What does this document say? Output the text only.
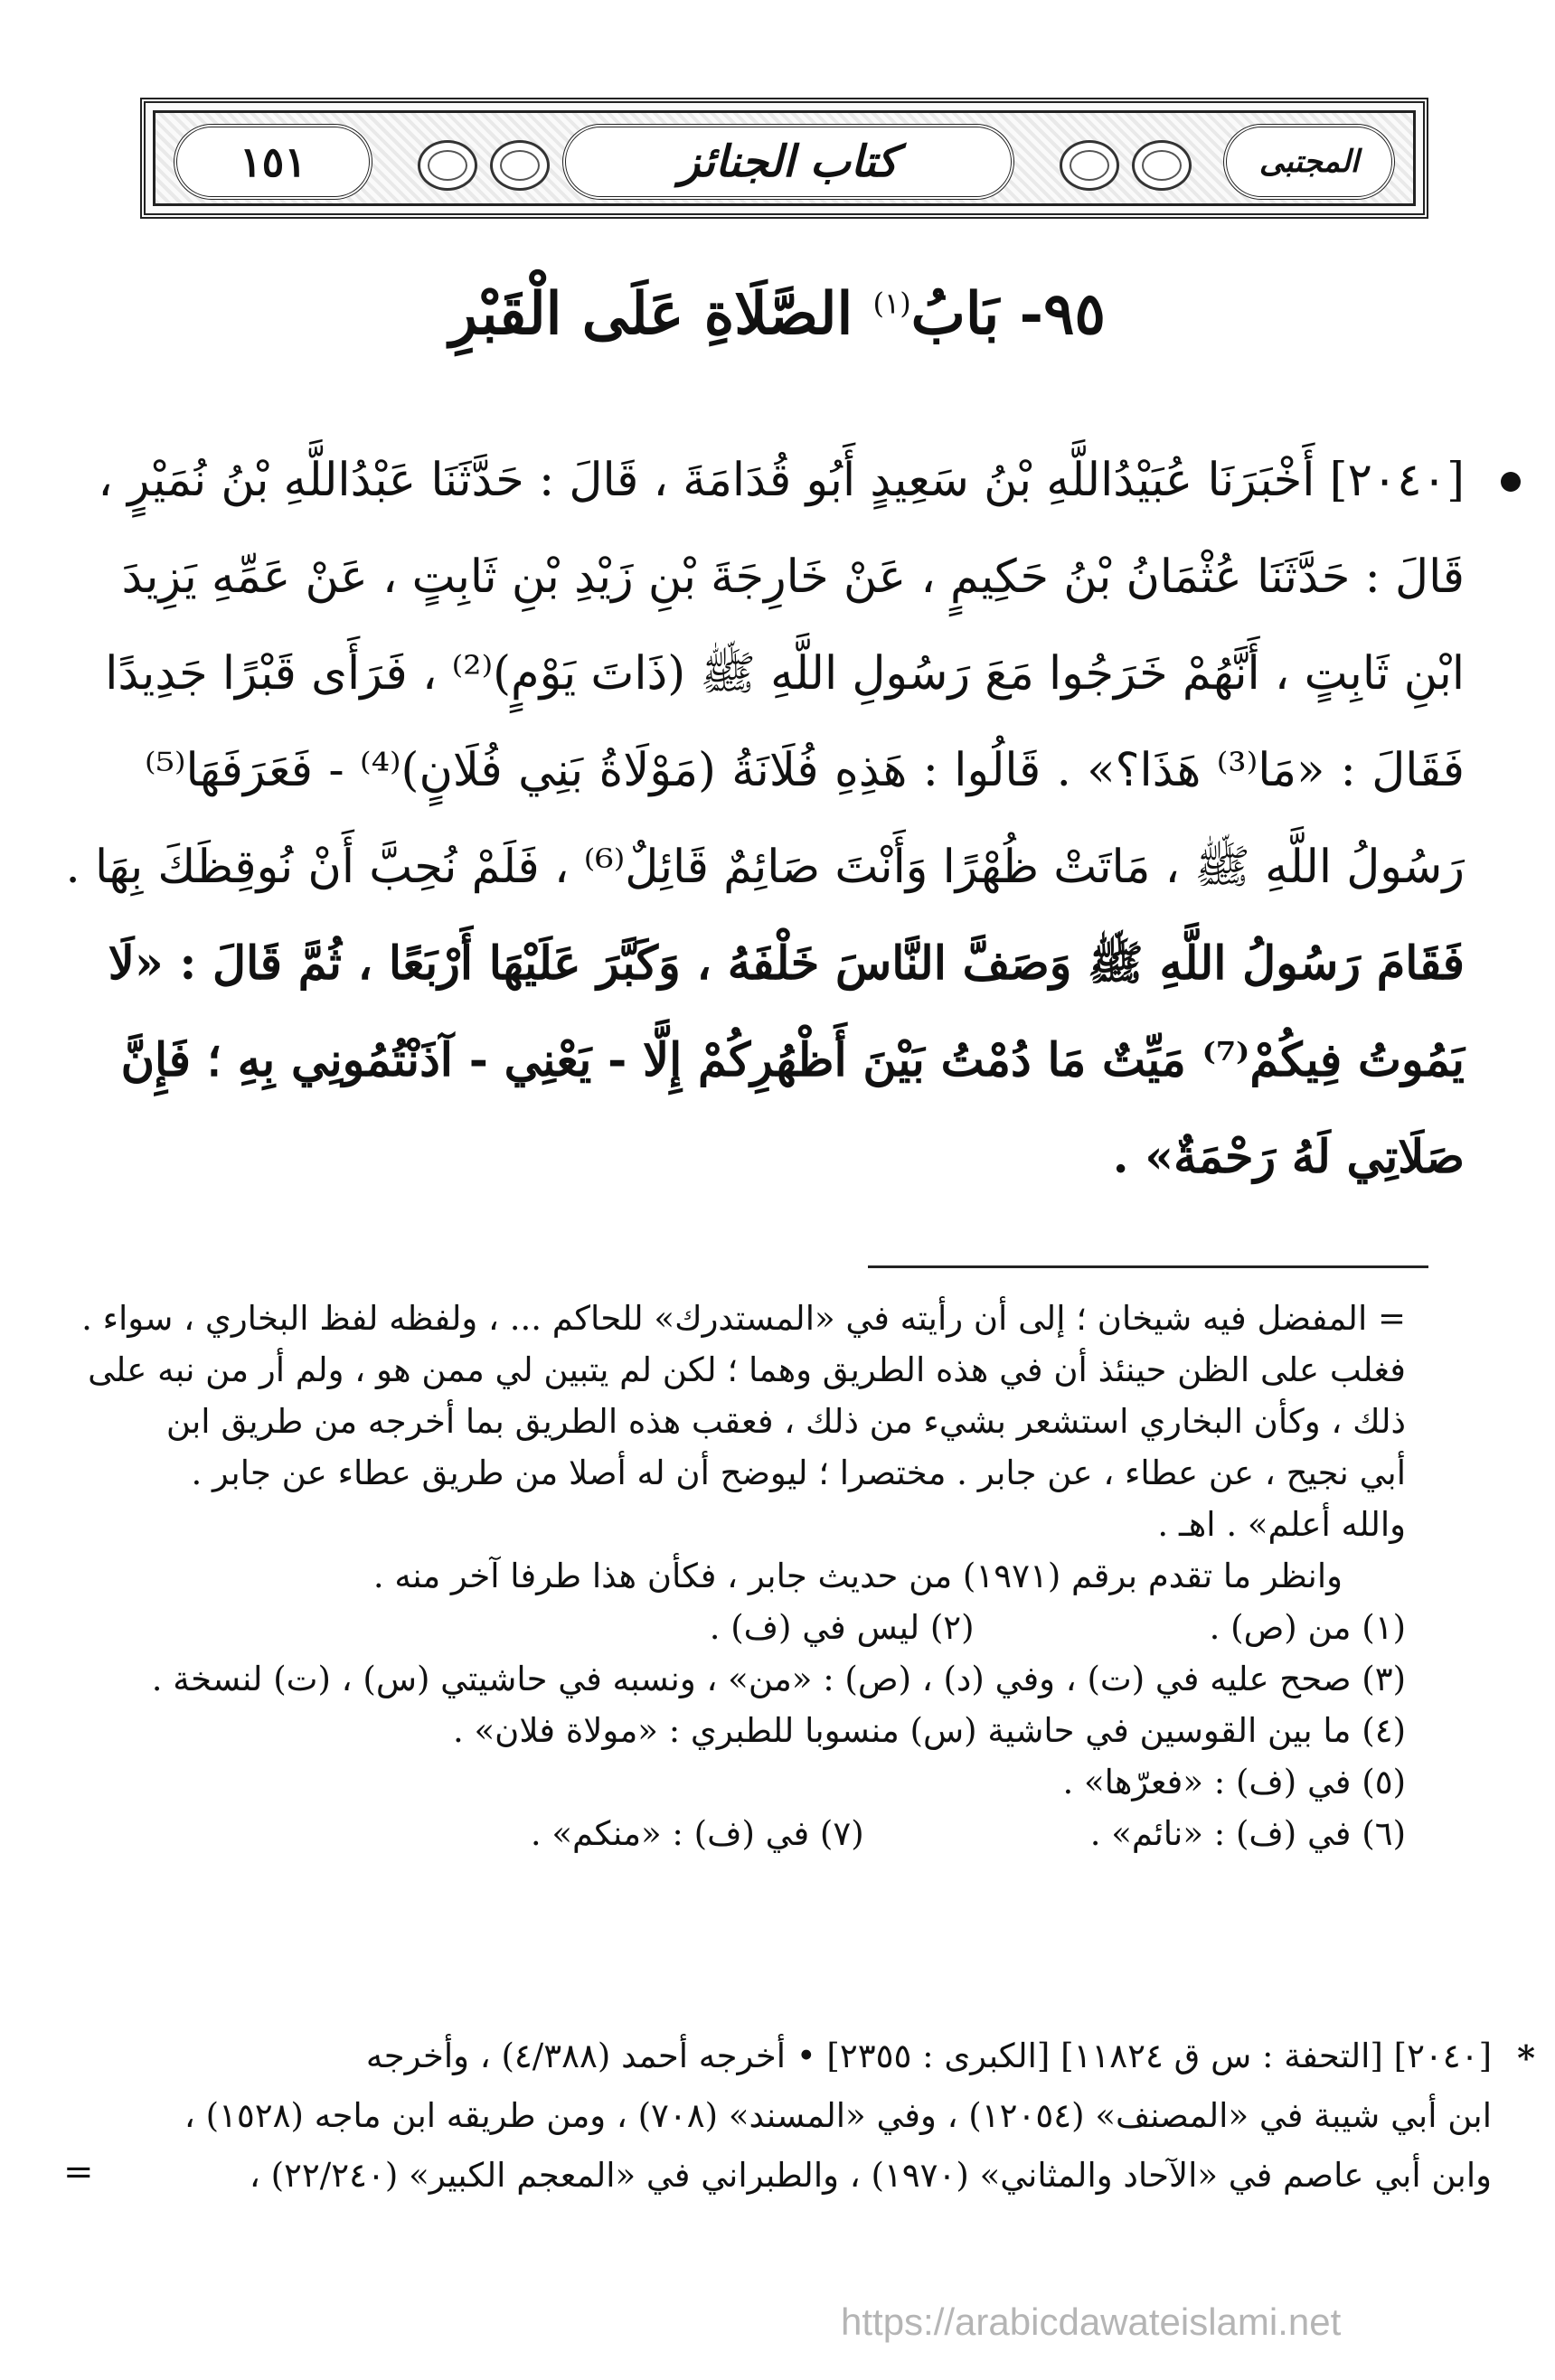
١٥١	كتاب الجنائز	المجتبى
٩٥- بَابُ$^{(١)}$ الصَّلَاةِ عَلَى الْقَبْرِ
[٢٠٤٠] أَخْبَرَنَا عُبَيْدُاللَّهِ بْنُ سَعِيدٍ أَبُو قُدَامَةَ ، قَالَ : حَدَّثَنَا عَبْدُاللَّهِ بْنُ نُمَيْرٍ ،
قَالَ : حَدَّثَنَا عُثْمَانُ بْنُ حَكِيمٍ ، عَنْ خَارِجَةَ بْنِ زَيْدِ بْنِ ثَابِتٍ ، عَنْ عَمِّهِ يَزِيدَ
ابْنِ ثَابِتٍ ، أَنَّهُمْ خَرَجُوا مَعَ رَسُولِ اللَّهِ ﷺ (ذَاتَ يَوْمٍ)⁽²⁾ ، فَرَأَى قَبْرًا جَدِيدًا
فَقَالَ : «مَا⁽³⁾ هَذَا؟» . قَالُوا : هَذِهِ فُلَانَةُ (مَوْلَاةُ بَنِي فُلَانٍ)⁽⁴⁾ - فَعَرَفَهَا⁽⁵⁾
رَسُولُ اللَّهِ ﷺ ، مَاتَتْ ظُهْرًا وَأَنْتَ صَائِمٌ قَائِلٌ⁽⁶⁾ ، فَلَمْ نُحِبَّ أَنْ نُوقِظَكَ بِهَا .
فَقَامَ رَسُولُ اللَّهِ ﷺ وَصَفَّ النَّاسَ خَلْفَهُ ، وَكَبَّرَ عَلَيْهَا أَرْبَعًا ، ثُمَّ قَالَ : «لَا
يَمُوتُ فِيكُمْ⁽⁷⁾ مَيِّتٌ مَا دُمْتُ بَيْنَ أَظْهُرِكُمْ إِلَّا - يَعْنِي - آذَنْتُمُونِي بِهِ ؛ فَإِنَّ
صَلَاتِي لَهُ رَحْمَةٌ» .
= المفضل فيه شيخان ؛ إلى أن رأيته في «المستدرك» للحاكم ... ، ولفظه لفظ البخاري ، سواء .
فغلب على الظن حينئذ أن في هذه الطريق وهما ؛ لكن لم يتبين لي ممن هو ، ولم أر من نبه على
ذلك ، وكأن البخاري استشعر بشيء من ذلك ، فعقب هذه الطريق بما أخرجه من طريق ابن
أبي نجيح ، عن عطاء ، عن جابر . مختصرا ؛ ليوضح أن له أصلا من طريق عطاء عن جابر .
والله أعلم» . اهـ .
وانظر ما تقدم برقم (١٩٧١) من حديث جابر ، فكأن هذا طرفا آخر منه .
(١) من (ص) .
(٢) ليس في (ف) .
(٣) صحح عليه في (ت) ، وفي (د) ، (ص) : «من» ، ونسبه في حاشيتي (س) ، (ت) لنسخة .
(٤) ما بين القوسين في حاشية (س) منسوبا للطبري : «مولاة فلان» .
(٥) في (ف) : «فعرّها» .
(٦) في (ف) : «نائم» .
(٧) في (ف) : «منكم» .
*
[٢٠٤٠] [التحفة : س ق ١١٨٢٤] [الكبرى : ٢٣٥٥] • أخرجه أحمد (٤/٣٨٨) ، وأخرجه
ابن أبي شيبة في «المصنف» (١٢٠٥٤) ، وفي «المسند» (٧٠٨) ، ومن طريقه ابن ماجه (١٥٢٨) ،
وابن أبي عاصم في «الآحاد والمثاني» (١٩٧٠) ، والطبراني في «المعجم الكبير» (٢٢/٢٤٠) ،
=
https://arabicdawateislami.net
